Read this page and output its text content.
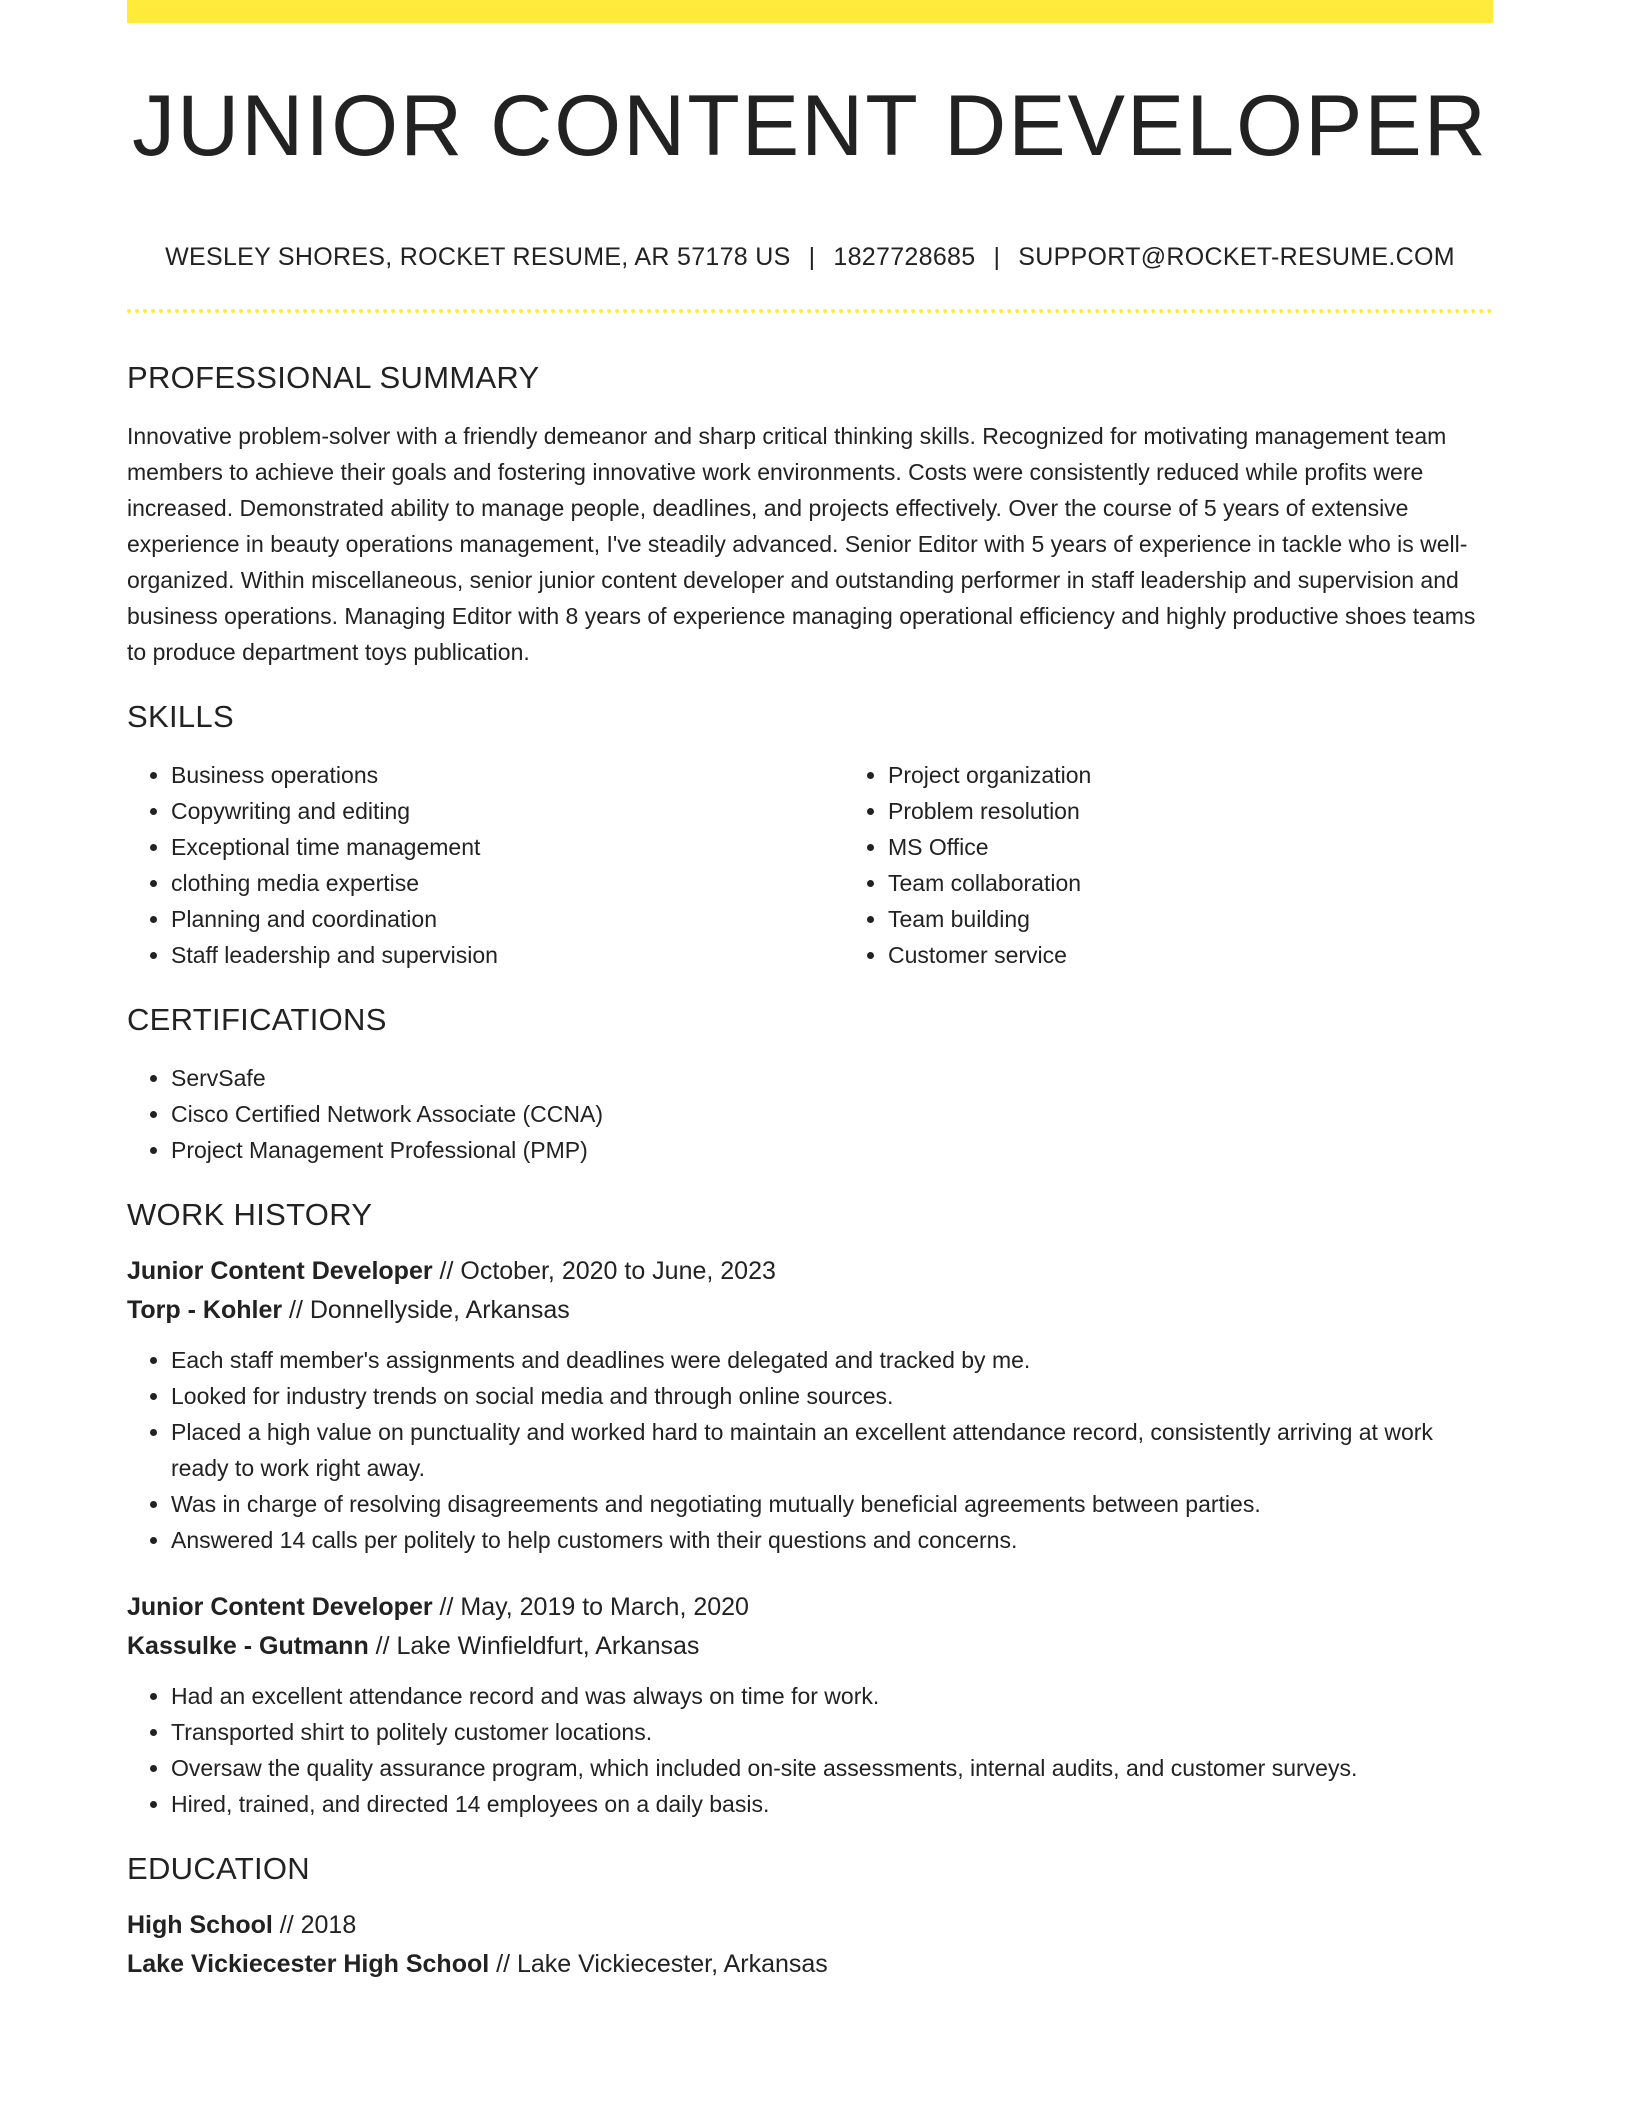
JUNIOR CONTENT DEVELOPER
WESLEY SHORES, ROCKET RESUME, AR 57178 US | 1827728685 | SUPPORT@ROCKET-RESUME.COM
PROFESSIONAL SUMMARY

Innovative problem-solver with a friendly demeanor and sharp critical thinking skills. Recognized for motivating management team members to achieve their goals and fostering innovative work environments. Costs were consistently reduced while profits were increased. Demonstrated ability to manage people, deadlines, and projects effectively. Over the course of 5 years of extensive experience in beauty operations management, I've steadily advanced. Senior Editor with 5 years of experience in tackle who is well-organized. Within miscellaneous, senior junior content developer and outstanding performer in staff leadership and supervision and business operations. Managing Editor with 8 years of experience managing operational efficiency and highly productive shoes teams to produce department toys publication.

SKILLS
• Business operations
• Copywriting and editing
• Exceptional time management
• clothing media expertise
• Planning and coordination
• Staff leadership and supervision
• Project organization
• Problem resolution
• MS Office
• Team collaboration
• Team building
• Customer service
CERTIFICATIONS
• ServSafe
• Cisco Certified Network Associate (CCNA)
• Project Management Professional (PMP)
WORK HISTORY
Junior Content Developer // October, 2020 to June, 2023
Torp - Kohler // Donnellyside, Arkansas
• Each staff member's assignments and deadlines were delegated and tracked by me.
• Looked for industry trends on social media and through online sources.
• Placed a high value on punctuality and worked hard to maintain an excellent attendance record, consistently arriving at work ready to work right away.
• Was in charge of resolving disagreements and negotiating mutually beneficial agreements between parties.
• Answered 14 calls per politely to help customers with their questions and concerns.
Junior Content Developer // May, 2019 to March, 2020
Kassulke - Gutmann // Lake Winfieldfurt, Arkansas
• Had an excellent attendance record and was always on time for work.
• Transported shirt to politely customer locations.
• Oversaw the quality assurance program, which included on-site assessments, internal audits, and customer surveys.
• Hired, trained, and directed 14 employees on a daily basis.
EDUCATION
High School // 2018
Lake Vickiecester High School // Lake Vickiecester, Arkansas
